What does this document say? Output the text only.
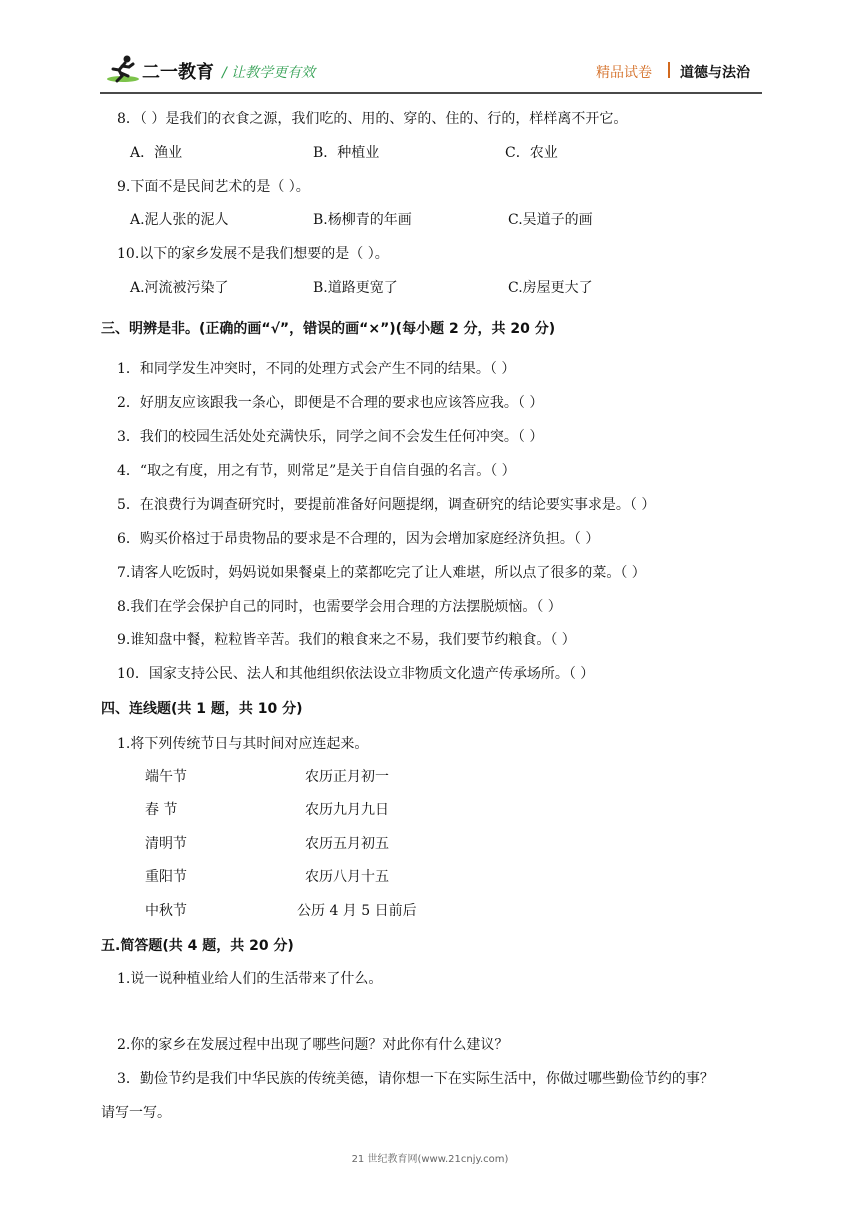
二一教育 / 让教学更有效	精品试卷 道德与法治
8．（ ）是我们的衣食之源，我们吃的、用的、穿的、住的、行的，样样离不开它。
A．渔业	B．种植业	C．农业
9.下面不是民间艺术的是（ ）。
A.泥人张的泥人	B.杨柳青的年画	C.吴道子的画
10.以下的家乡发展不是我们想要的是（ ）。
A.河流被污染了	B.道路更宽了	C.房屋更大了
三、明辨是非。(正确的画“√”，错误的画“×”)(每小题 2 分，共 20 分)
1．和同学发生冲突时，不同的处理方式会产生不同的结果。（ ）
2．好朋友应该跟我一条心，即便是不合理的要求也应该答应我。（ ）
3．我们的校园生活处处充满快乐，同学之间不会发生任何冲突。（ ）
4．“取之有度，用之有节，则常足”是关于自信自强的名言。（ ）
5．在浪费行为调查研究时，要提前准备好问题提纲，调查研究的结论要实事求是。（ ）
6．购买价格过于昂贵物品的要求是不合理的，因为会增加家庭经济负担。（ ）
7.请客人吃饭时，妈妈说如果餐桌上的菜都吃完了让人难堪，所以点了很多的菜。（ ）
8.我们在学会保护自己的同时，也需要学会用合理的方法摆脱烦恼。（ ）
9.谁知盘中餐，粒粒皆辛苦。我们的粮食来之不易，我们要节约粮食。（ ）
10．国家支持公民、法人和其他组织依法设立非物质文化遗产传承场所。（ ）
四、连线题(共 1 题，共 10 分)
1.将下列传统节日与其时间对应连起来。
端午节
春 节
清明节
重阳节
中秋节
农历正月初一
农历九月九日
农历五月初五
农历八月十五
公历 4 月 5 日前后
五.简答题(共 4 题，共 20 分)
1.说一说种植业给人们的生活带来了什么。
2.你的家乡在发展过程中出现了哪些问题？对此你有什么建议？
3．勤俭节约是我们中华民族的传统美德，请你想一下在实际生活中，你做过哪些勤俭节约的事？
请写一写。
21 世纪教育网(www.21cnjy.com)
